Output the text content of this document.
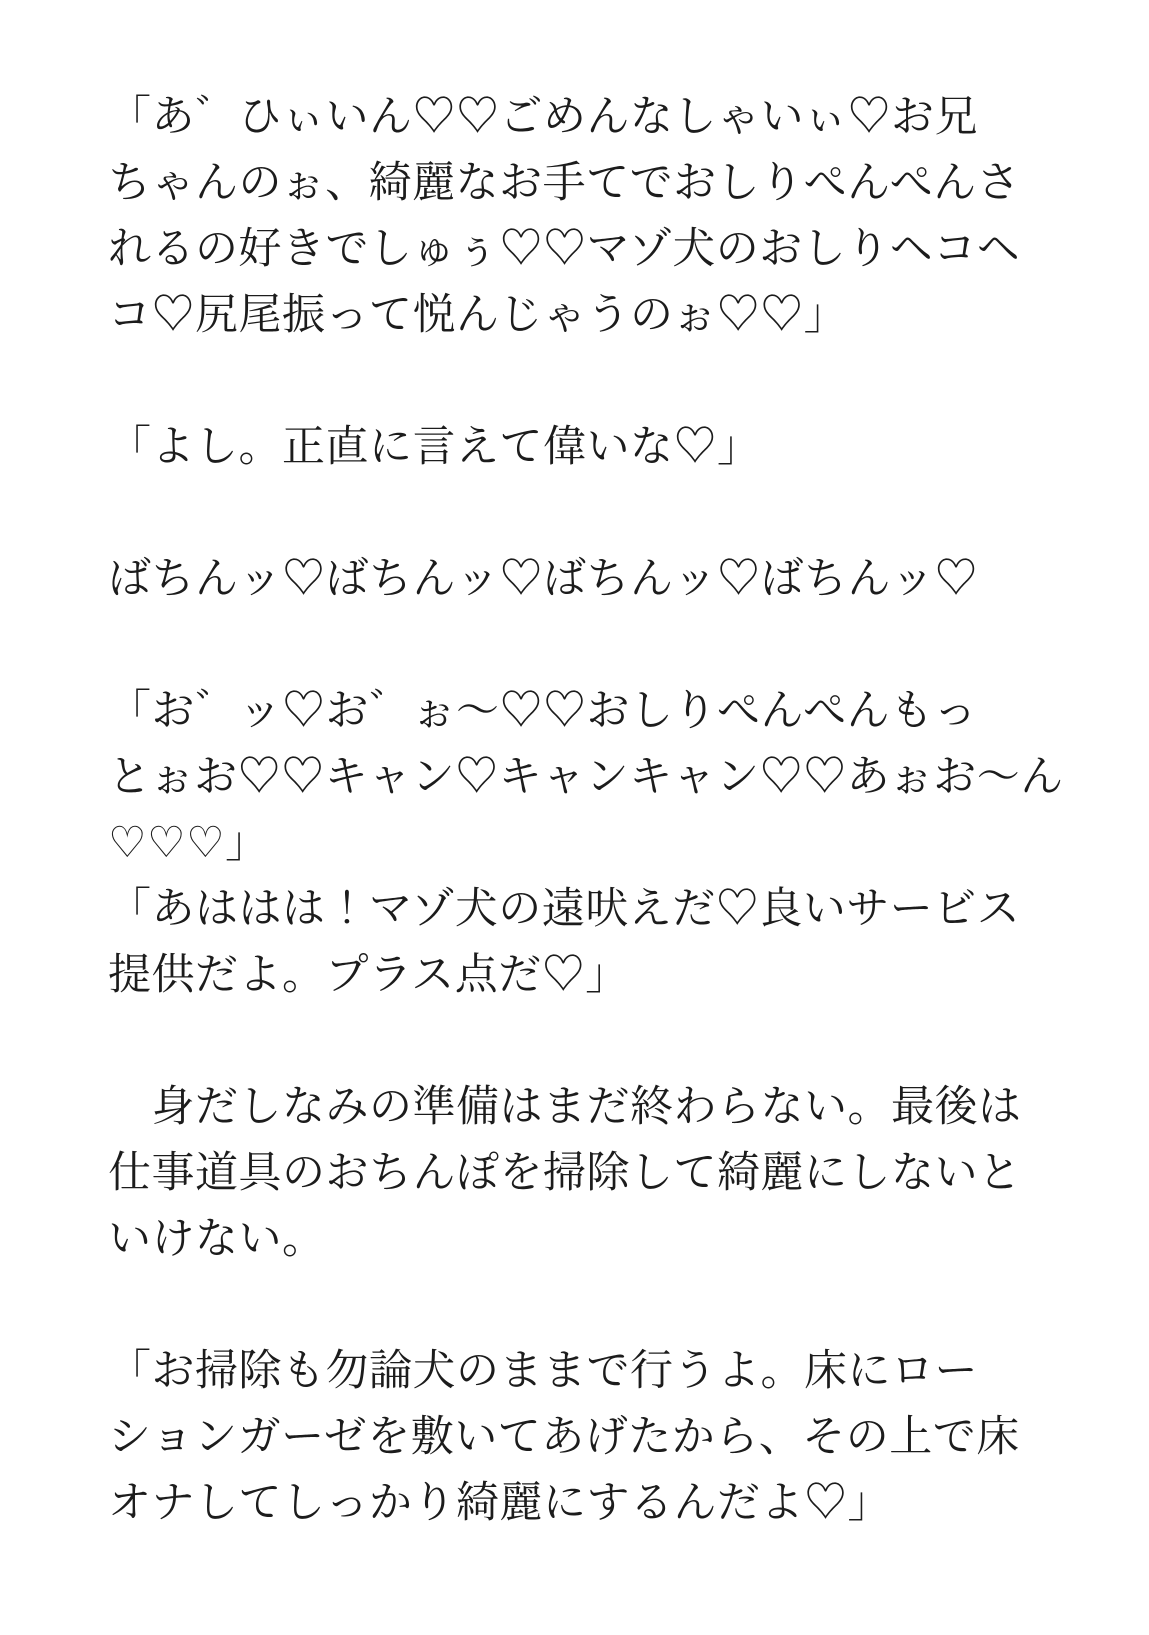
「あ゛ひぃいん♡♡ごめんなしゃいぃ♡お兄
ちゃんのぉ、綺麗なお手てでおしりぺんぺんさ
れるの好きでしゅぅ♡♡マゾ犬のおしりヘコヘ
コ♡尻尾振って悦んじゃうのぉ♡♡」
「よし。正直に言えて偉いな♡」
ばちんッ♡ばちんッ♡ばちんッ♡ばちんッ♡
「お゛ッ♡お゛ぉ〜♡♡おしりぺんぺんもっ
とぉお♡♡キャン♡キャンキャン♡♡あぉお〜ん
♡♡♡」
「あははは！マゾ犬の遠吠えだ♡良いサービス
提供だよ。プラス点だ♡」
　身だしなみの準備はまだ終わらない。最後は
仕事道具のおちんぽを掃除して綺麗にしないと
いけない。
「お掃除も勿論犬のままで行うよ。床にロー
ションガーゼを敷いてあげたから、その上で床
オナしてしっかり綺麗にするんだよ♡」
